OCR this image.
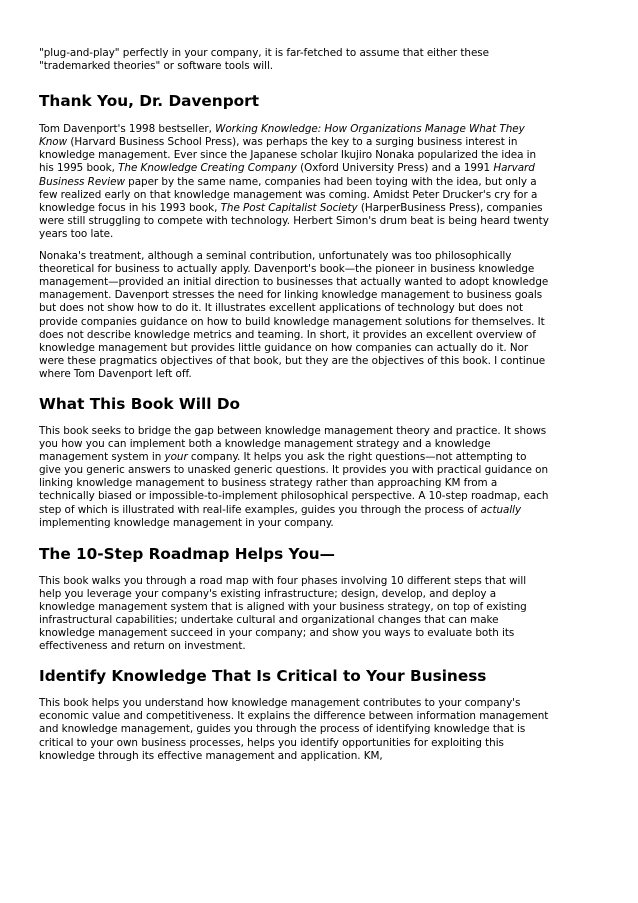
"plug-and-play" perfectly in your company, it is far-fetched to assume that either these "trademarked theories" or software tools will.

Thank You, Dr. Davenport

Tom Davenport's 1998 bestseller, Working Knowledge: How Organizations Manage What They Know (Harvard Business School Press), was perhaps the key to a surging business interest in knowledge management. Ever since the Japanese scholar Ikujiro Nonaka popularized the idea in his 1995 book, The Knowledge Creating Company (Oxford University Press) and a 1991 Harvard Business Review paper by the same name, companies had been toying with the idea, but only a few realized early on that knowledge management was coming. Amidst Peter Drucker's cry for a knowledge focus in his 1993 book, The Post Capitalist Society (HarperBusiness Press), companies were still struggling to compete with technology. Herbert Simon's drum beat is being heard twenty years too late.

Nonaka's treatment, although a seminal contribution, unfortunately was too philosophically theoretical for business to actually apply. Davenport's book—the pioneer in business knowledge management—provided an initial direction to businesses that actually wanted to adopt knowledge management. Davenport stresses the need for linking knowledge management to business goals but does not show how to do it. It illustrates excellent applications of technology but does not provide companies guidance on how to build knowledge management solutions for themselves. It does not describe knowledge metrics and teaming. In short, it provides an excellent overview of knowledge management but provides little guidance on how companies can actually do it. Nor were these pragmatics objectives of that book, but they are the objectives of this book. I continue where Tom Davenport left off.

What This Book Will Do

This book seeks to bridge the gap between knowledge management theory and practice. It shows you how you can implement both a knowledge management strategy and a knowledge management system in your company. It helps you ask the right questions—not attempting to give you generic answers to unasked generic questions. It provides you with practical guidance on linking knowledge management to business strategy rather than approaching KM from a technically biased or impossible-to-implement philosophical perspective. A 10-step roadmap, each step of which is illustrated with real-life examples, guides you through the process of actually implementing knowledge management in your company.

The 10-Step Roadmap Helps You—

This book walks you through a road map with four phases involving 10 different steps that will help you leverage your company's existing infrastructure; design, develop, and deploy a knowledge management system that is aligned with your business strategy, on top of existing infrastructural capabilities; undertake cultural and organizational changes that can make knowledge management succeed in your company; and show you ways to evaluate both its effectiveness and return on investment.

Identify Knowledge That Is Critical to Your Business

This book helps you understand how knowledge management contributes to your company's economic value and competitiveness. It explains the difference between information management and knowledge management, guides you through the process of identifying knowledge that is critical to your own business processes, helps you identify opportunities for exploiting this knowledge through its effective management and application. KM,
